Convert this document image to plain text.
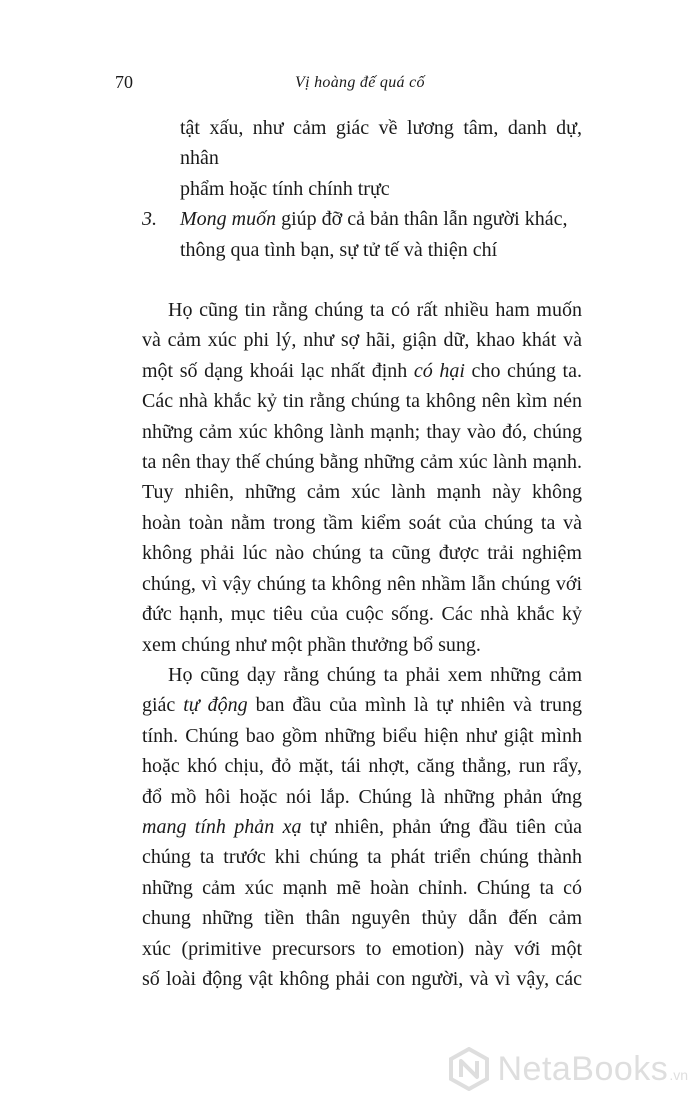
70	Vị hoàng đế quá cố
tật xấu, như cảm giác về lương tâm, danh dự, nhân
phẩm hoặc tính chính trực
3. Mong muốn giúp đỡ cả bản thân lẫn người khác,
thông qua tình bạn, sự tử tế và thiện chí

Họ cũng tin rằng chúng ta có rất nhiều ham muốn
và cảm xúc phi lý, như sợ hãi, giận dữ, khao khát và
một số dạng khoái lạc nhất định có hại cho chúng ta.
Các nhà khắc kỷ tin rằng chúng ta không nên kìm nén
những cảm xúc không lành mạnh; thay vào đó, chúng
ta nên thay thế chúng bằng những cảm xúc lành mạnh.
Tuy nhiên, những cảm xúc lành mạnh này không
hoàn toàn nằm trong tầm kiểm soát của chúng ta và
không phải lúc nào chúng ta cũng được trải nghiệm
chúng, vì vậy chúng ta không nên nhầm lẫn chúng với
đức hạnh, mục tiêu của cuộc sống. Các nhà khắc kỷ
xem chúng như một phần thưởng bổ sung.

Họ cũng dạy rằng chúng ta phải xem những cảm
giác tự động ban đầu của mình là tự nhiên và trung
tính. Chúng bao gồm những biểu hiện như giật mình
hoặc khó chịu, đỏ mặt, tái nhợt, căng thẳng, run rẩy,
đổ mồ hôi hoặc nói lắp. Chúng là những phản ứng
mang tính phản xạ tự nhiên, phản ứng đầu tiên của
chúng ta trước khi chúng ta phát triển chúng thành
những cảm xúc mạnh mẽ hoàn chỉnh. Chúng ta có
chung những tiền thân nguyên thủy dẫn đến cảm
xúc (primitive precursors to emotion) này với một
số loài động vật không phải con người, và vì vậy, các

NetaBooks .vn
